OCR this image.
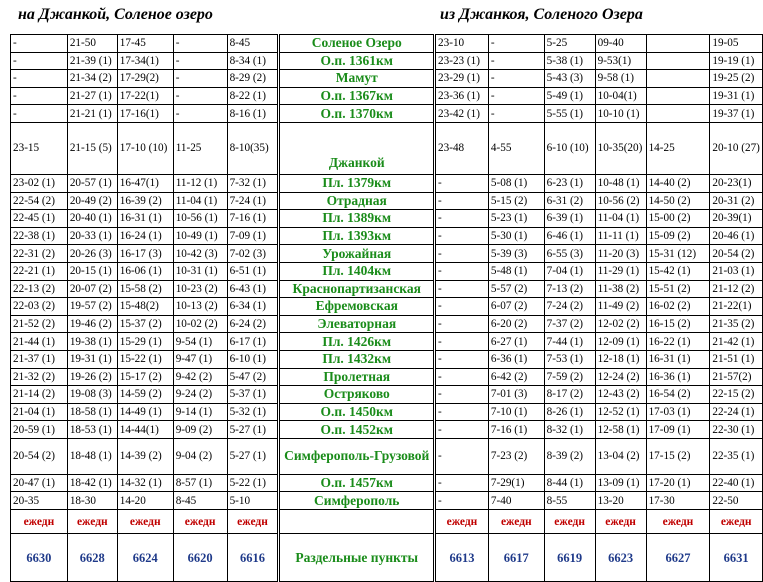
на Джанкой, Соленое озеро	из Джанкоя, Соленого Озера
-	21-50	17-45	-	8-45	Соленое Озеро	23-10	-	5-25	09-40		19-05
-	21-39 (1)	17-34(1)	-	8-34 (1)	О.п. 1361км	23-23 (1)	-	5-38 (1)	9-53(1)		19-19 (1)
-	21-34 (2)	17-29(2)	-	8-29 (2)	Мамут	23-29 (1)	-	5-43 (3)	9-58 (1)		19-25 (2)
-	21-27 (1)	17-22(1)	-	8-22 (1)	О.п. 1367км	23-36 (1)	-	5-49 (1)	10-04(1)		19-31 (1)
-	21-21 (1)	17-16(1)	-	8-16 (1)	О.п. 1370км	23-42 (1)	-	5-55 (1)	10-10 (1)		19-37 (1)
23-15	21-15 (5)	17-10 (10)	11-25	8-10(35)	Джанкой	23-48	4-55	6-10 (10)	10-35(20)	14-25	20-10 (27)
23-02 (1)	20-57 (1)	16-47(1)	11-12 (1)	7-32 (1)	Пл. 1379км	-	5-08 (1)	6-23 (1)	10-48 (1)	14-40 (2)	20-23(1)
22-54 (2)	20-49 (2)	16-39 (2)	11-04 (1)	7-24 (1)	Отрадная	-	5-15 (2)	6-31 (2)	10-56 (2)	14-50 (2)	20-31 (2)
22-45 (1)	20-40 (1)	16-31 (1)	10-56 (1)	7-16 (1)	Пл. 1389км	-	5-23 (1)	6-39 (1)	11-04 (1)	15-00 (2)	20-39(1)
22-38 (1)	20-33 (1)	16-24 (1)	10-49 (1)	7-09 (1)	Пл. 1393км	-	5-30 (1)	6-46 (1)	11-11 (1)	15-09 (2)	20-46 (1)
22-31 (2)	20-26 (3)	16-17 (3)	10-42 (3)	7-02 (3)	Урожайная	-	5-39 (3)	6-55 (3)	11-20 (3)	15-31 (12)	20-54 (2)
22-21 (1)	20-15 (1)	16-06 (1)	10-31 (1)	6-51 (1)	Пл. 1404км	-	5-48 (1)	7-04 (1)	11-29 (1)	15-42 (1)	21-03 (1)
22-13 (2)	20-07 (2)	15-58 (2)	10-23 (2)	6-43 (1)	Краснопартизанская	-	5-57 (2)	7-13 (2)	11-38 (2)	15-51 (2)	21-12 (2)
22-03 (2)	19-57 (2)	15-48(2)	10-13 (2)	6-34 (1)	Ефремовская	-	6-07 (2)	7-24 (2)	11-49 (2)	16-02 (2)	21-22(1)
21-52 (2)	19-46 (2)	15-37 (2)	10-02 (2)	6-24 (2)	Элеваторная	-	6-20 (2)	7-37 (2)	12-02 (2)	16-15 (2)	21-35 (2)
21-44 (1)	19-38 (1)	15-29 (1)	9-54 (1)	6-17 (1)	Пл. 1426км	-	6-27 (1)	7-44 (1)	12-09 (1)	16-22 (1)	21-42 (1)
21-37 (1)	19-31 (1)	15-22 (1)	9-47 (1)	6-10 (1)	Пл. 1432км	-	6-36 (1)	7-53 (1)	12-18 (1)	16-31 (1)	21-51 (1)
21-32 (2)	19-26 (2)	15-17 (2)	9-42 (2)	5-47 (2)	Пролетная	-	6-42 (2)	7-59 (2)	12-24 (2)	16-36 (1)	21-57(2)
21-14 (2)	19-08 (3)	14-59 (2)	9-24 (2)	5-37 (1)	Остряково	-	7-01 (3)	8-17 (2)	12-43 (2)	16-54 (2)	22-15 (2)
21-04 (1)	18-58 (1)	14-49 (1)	9-14 (1)	5-32 (1)	О.п. 1450км	-	7-10 (1)	8-26 (1)	12-52 (1)	17-03 (1)	22-24 (1)
20-59 (1)	18-53 (1)	14-44(1)	9-09 (2)	5-27 (1)	О.п. 1452км	-	7-16 (1)	8-32 (1)	12-58 (1)	17-09 (1)	22-30 (1)
20-54 (2)	18-48 (1)	14-39 (2)	9-04 (2)	5-27 (1)	Симферополь-Грузовой	-	7-23 (2)	8-39 (2)	13-04 (2)	17-15 (2)	22-35 (1)
20-47 (1)	18-42 (1)	14-32 (1)	8-57 (1)	5-22 (1)	О.п. 1457км	-	7-29(1)	8-44 (1)	13-09 (1)	17-20 (1)	22-40 (1)
20-35	18-30	14-20	8-45	5-10	Симферополь	-	7-40	8-55	13-20	17-30	22-50
ежедн	ежедн	ежедн	ежедн	ежедн		ежедн	ежедн	ежедн	ежедн	ежедн	ежедн
6630	6628	6624	6620	6616	Раздельные пункты	6613	6617	6619	6623	6627	6631
